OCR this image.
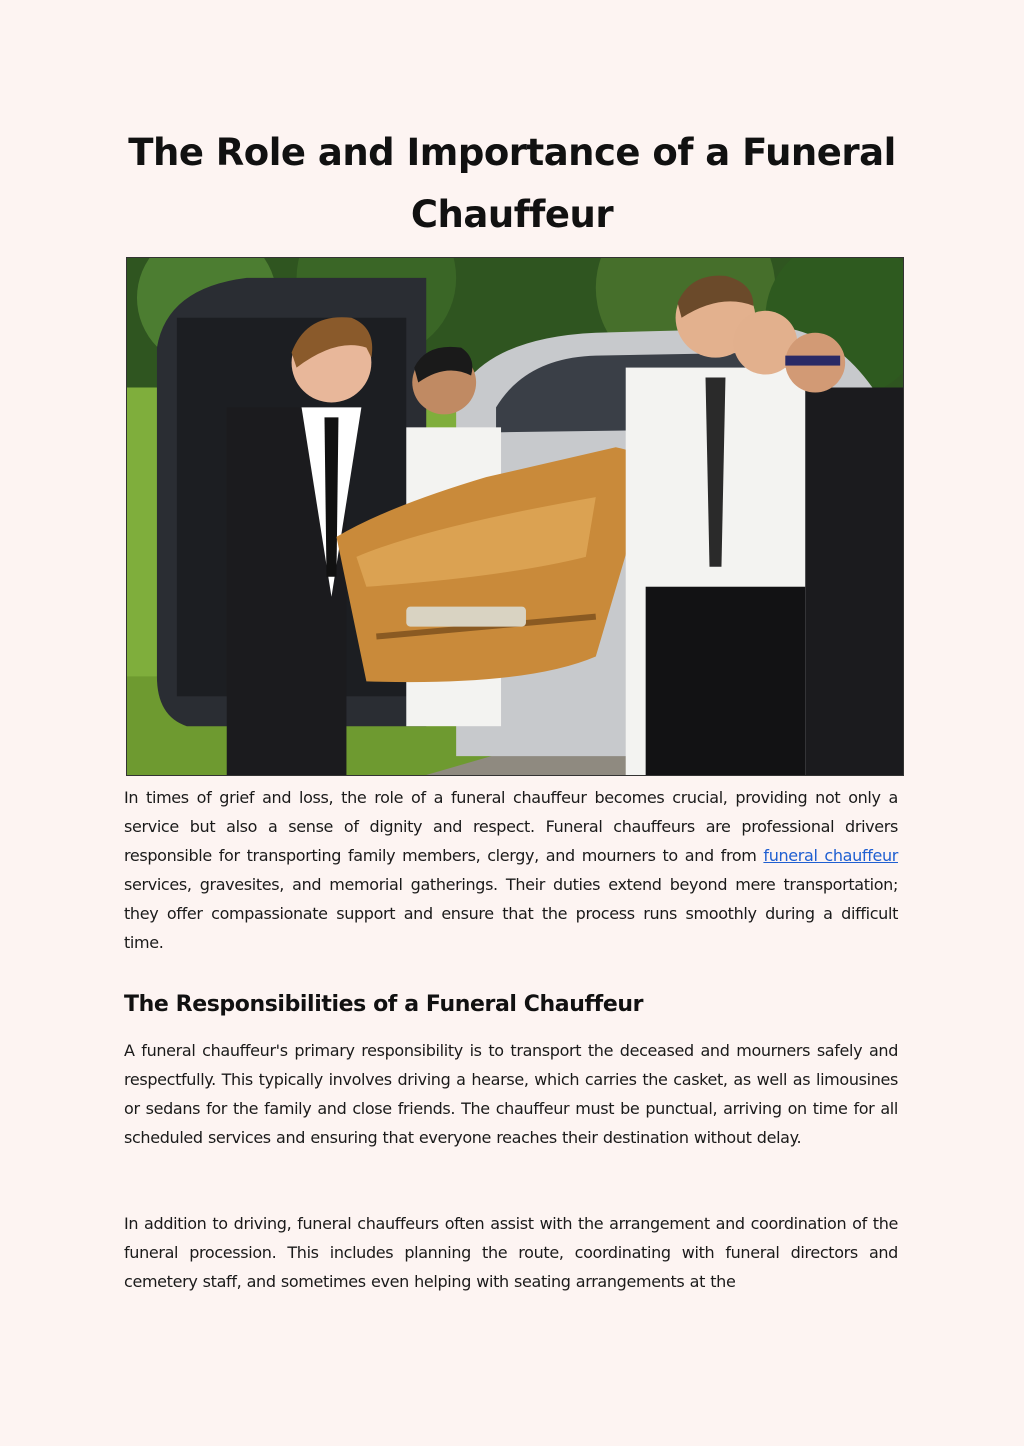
The Role and Importance of a Funeral Chauffeur

In times of grief and loss, the role of a funeral chauffeur becomes crucial, providing not only a service but also a sense of dignity and respect. Funeral chauffeurs are professional drivers responsible for transporting family members, clergy, and mourners to and from funeral chauffeur services, gravesites, and memorial gatherings. Their duties extend beyond mere transportation; they offer compassionate support and ensure that the process runs smoothly during a difficult time.

The Responsibilities of a Funeral Chauffeur

A funeral chauffeur's primary responsibility is to transport the deceased and mourners safely and respectfully. This typically involves driving a hearse, which carries the casket, as well as limousines or sedans for the family and close friends. The chauffeur must be punctual, arriving on time for all scheduled services and ensuring that everyone reaches their destination without delay.

In addition to driving, funeral chauffeurs often assist with the arrangement and coordination of the funeral procession. This includes planning the route, coordinating with funeral directors and cemetery staff, and sometimes even helping with seating arrangements at the
